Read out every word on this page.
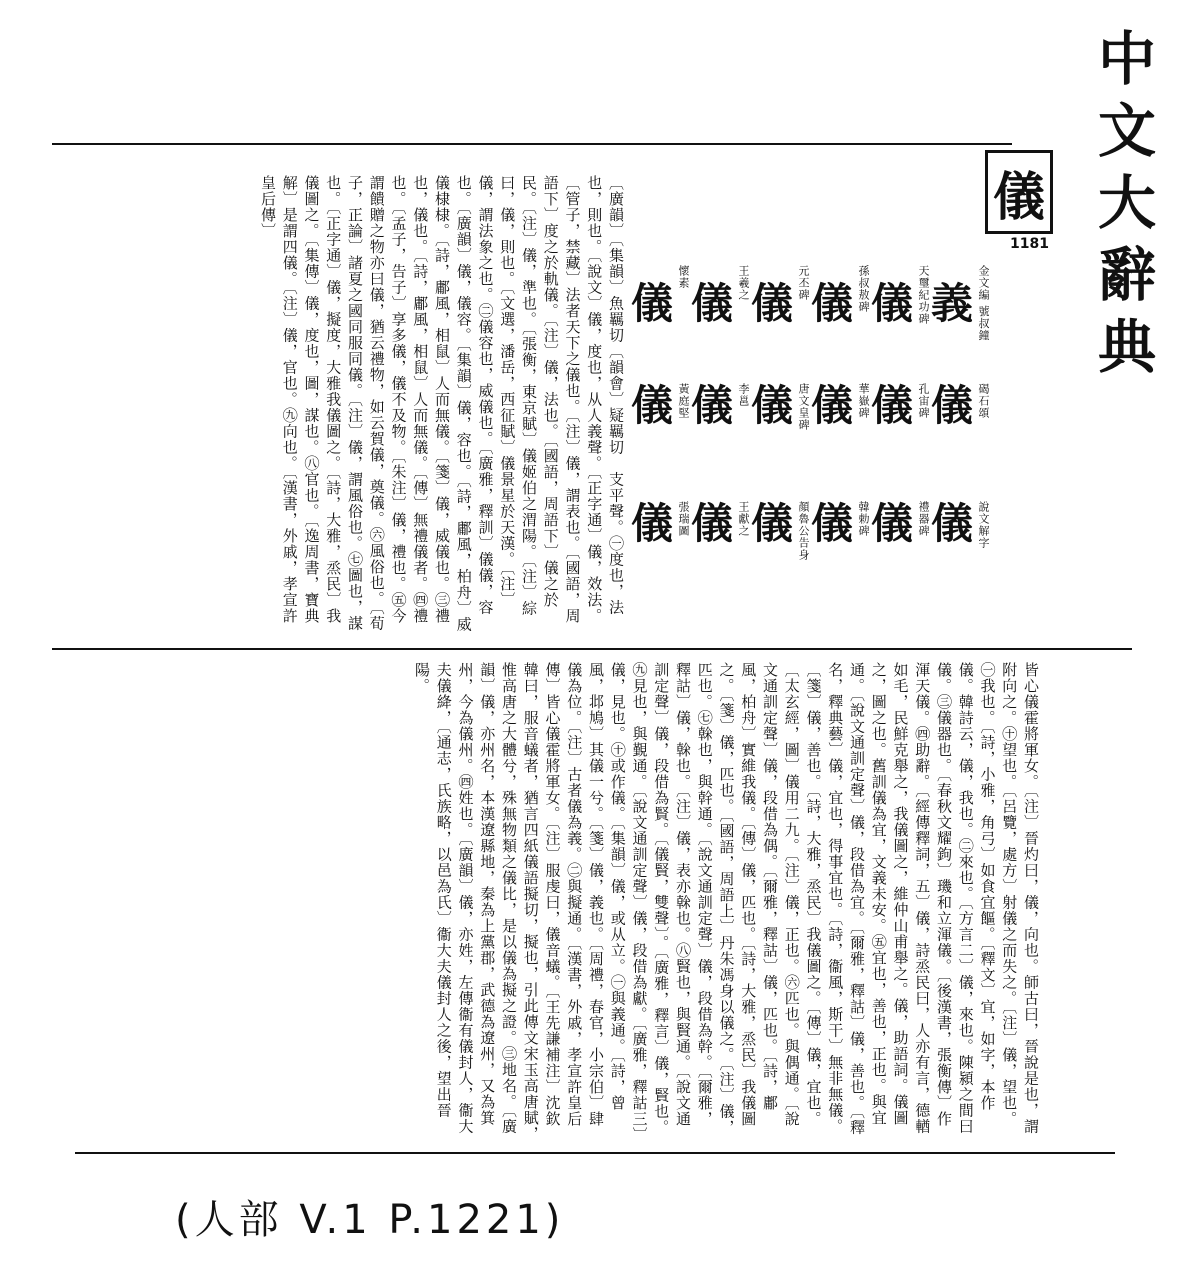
中文大辭典
儀
1181
義 金文編 號叔鐘
儀 碣石頌
儀 說文解字
儀 天璽紀功碑
儀 孔宙碑
儀 禮器碑
儀 孫叔敖碑
儀 華嶽碑
儀 韓勅碑
儀 元丕碑
儀 唐文皇碑
儀 顏魯公告身
儀 王羲之
儀 李邕
儀 王獻之
儀
懷素
儀 黃庭堅
儀 張瑞圖
〔廣韻〕〔集韻〕魚羈切〔韻會〕疑羈切　支平聲。㊀度也，法也，則也。〔說文〕儀，度也，从人義聲。〔正字通〕儀，效法。〔管子，禁藏〕法者天下之儀也。〔注〕儀，謂表也。〔國語，周語下〕度之於軌儀。〔注〕儀，法也。〔國語，周語下〕儀之於民。〔注〕儀，準也。〔張衡，東京賦〕儀姬伯之渭陽。〔注〕綜曰，儀，則也。〔文選，潘岳，西征賦〕儀景星於天漢。〔注〕儀，謂法象之也。㊁儀容也，威儀也。〔廣雅，釋訓〕儀儀，容也。〔廣韻〕儀，儀容。〔集韻〕儀，容也。〔詩，鄘風，柏舟〕威儀棣棣。〔詩，鄘風，相鼠〕人而無儀。〔箋〕儀，威儀也。㊂禮也，儀也。〔詩，鄘風，相鼠〕人而無儀。〔傳〕無禮儀者。㊃禮也。〔孟子，告子〕享多儀，儀不及物。〔朱注〕儀，禮也。㊄今謂饋贈之物亦曰儀，猶云禮物，如云賀儀，奠儀。㊅風俗也。〔荀子，正論〕諸夏之國同服同儀。〔注〕儀，謂風俗也。㊆圖也，謀也。〔正字通〕儀，擬度，大雅我儀圖之。〔詩，大雅，烝民〕我儀圖之。〔集傳〕儀，度也，圖，謀也。㊇官也。〔逸周書，寶典解〕是謂四儀。〔注〕儀，官也。㊈向也。〔漢書，外戚，孝宣許皇后傳〕
皆心儀霍將軍女。〔注〕晉灼曰，儀，向也。師古曰，晉說是也，謂附向之。㊉望也。〔呂覽，處方〕射儀之而失之。〔注〕儀，望也。㊀我也。〔詩，小雅，角弓〕如食宜饇。〔釋文〕宜，如字，本作儀。韓詩云，儀，我也。㊁來也。〔方言二〕儀，來也。陳潁之間曰儀。㊂儀器也。〔春秋文耀鉤〕璣和立渾儀。〔後漢書，張衡傳〕作渾天儀。㊃助辭。〔經傳釋詞，五〕儀，詩烝民曰，人亦有言，德輶如毛，民鮮克舉之，我儀圖之，維仲山甫舉之。儀，助語詞。儀圖之，圖之也。舊訓儀為宜，文義未安。㊄宜也，善也，正也。與宜通。〔說文通訓定聲〕儀，段借為宜。〔爾雅，釋詁〕儀，善也。〔釋名，釋典藝〕儀，宜也，得事宜也。〔詩，衞風，斯干〕無非無儀。〔箋〕儀，善也。〔詩，大雅，烝民〕我儀圖之。〔傳〕儀，宜也。〔太玄經，圖〕儀用二九。〔注〕儀，正也。㊅匹也。與偶通。〔說文通訓定聲〕儀，段借為偶。〔爾雅，釋詁〕儀，匹也。〔詩，鄘風，柏舟〕實維我儀。〔傳〕儀，匹也。〔詩，大雅，烝民〕我儀圖之。〔箋〕儀，匹也。〔國語，周語上〕丹朱馮身以儀之。〔注〕儀，匹也。㊆榦也，與幹通。〔說文通訓定聲〕儀，段借為幹。〔爾雅，釋詁〕儀，榦也。〔注〕儀，表亦榦也。㊇賢也，與賢通。〔說文通訓定聲〕儀，段借為賢。〔儀賢，雙聲〕。〔廣雅，釋言〕儀，賢也。㊈見也，與覲通。〔說文通訓定聲〕儀，段借為獻。〔廣雅，釋詁三〕儀，見也。㊉或作儀。〔集韻〕儀，或从立。㊀與義通。〔詩，曾風，邶鳩〕其儀一兮。〔箋〕儀，義也。〔周禮，春官，小宗伯〕肆儀為位。〔注〕古者儀為義。㊁與擬通。〔漢書，外戚，孝宣許皇后傳〕皆心儀霍將軍女。〔注〕服虔曰，儀音蟻。〔王先謙補注〕沈欽韓曰，服音蟻者，猶言四紙儀語擬切，擬也，引此傳文宋玉高唐賦，惟高唐之大體兮，殊無物類之儀比，是以儀為擬之證。㊂地名。〔廣韻〕儀，亦州名，本漢遼縣地，秦為上黨郡，武德為遼州，又為箕州，今為儀州。㊃姓也。〔廣韻〕儀，亦姓，左傳衞有儀封人，衞大夫儀絳，〔通志，氏族略，以邑為氏〕衞大夫儀封人之後，望出晉陽。
(人部 V.1 P.1221)
